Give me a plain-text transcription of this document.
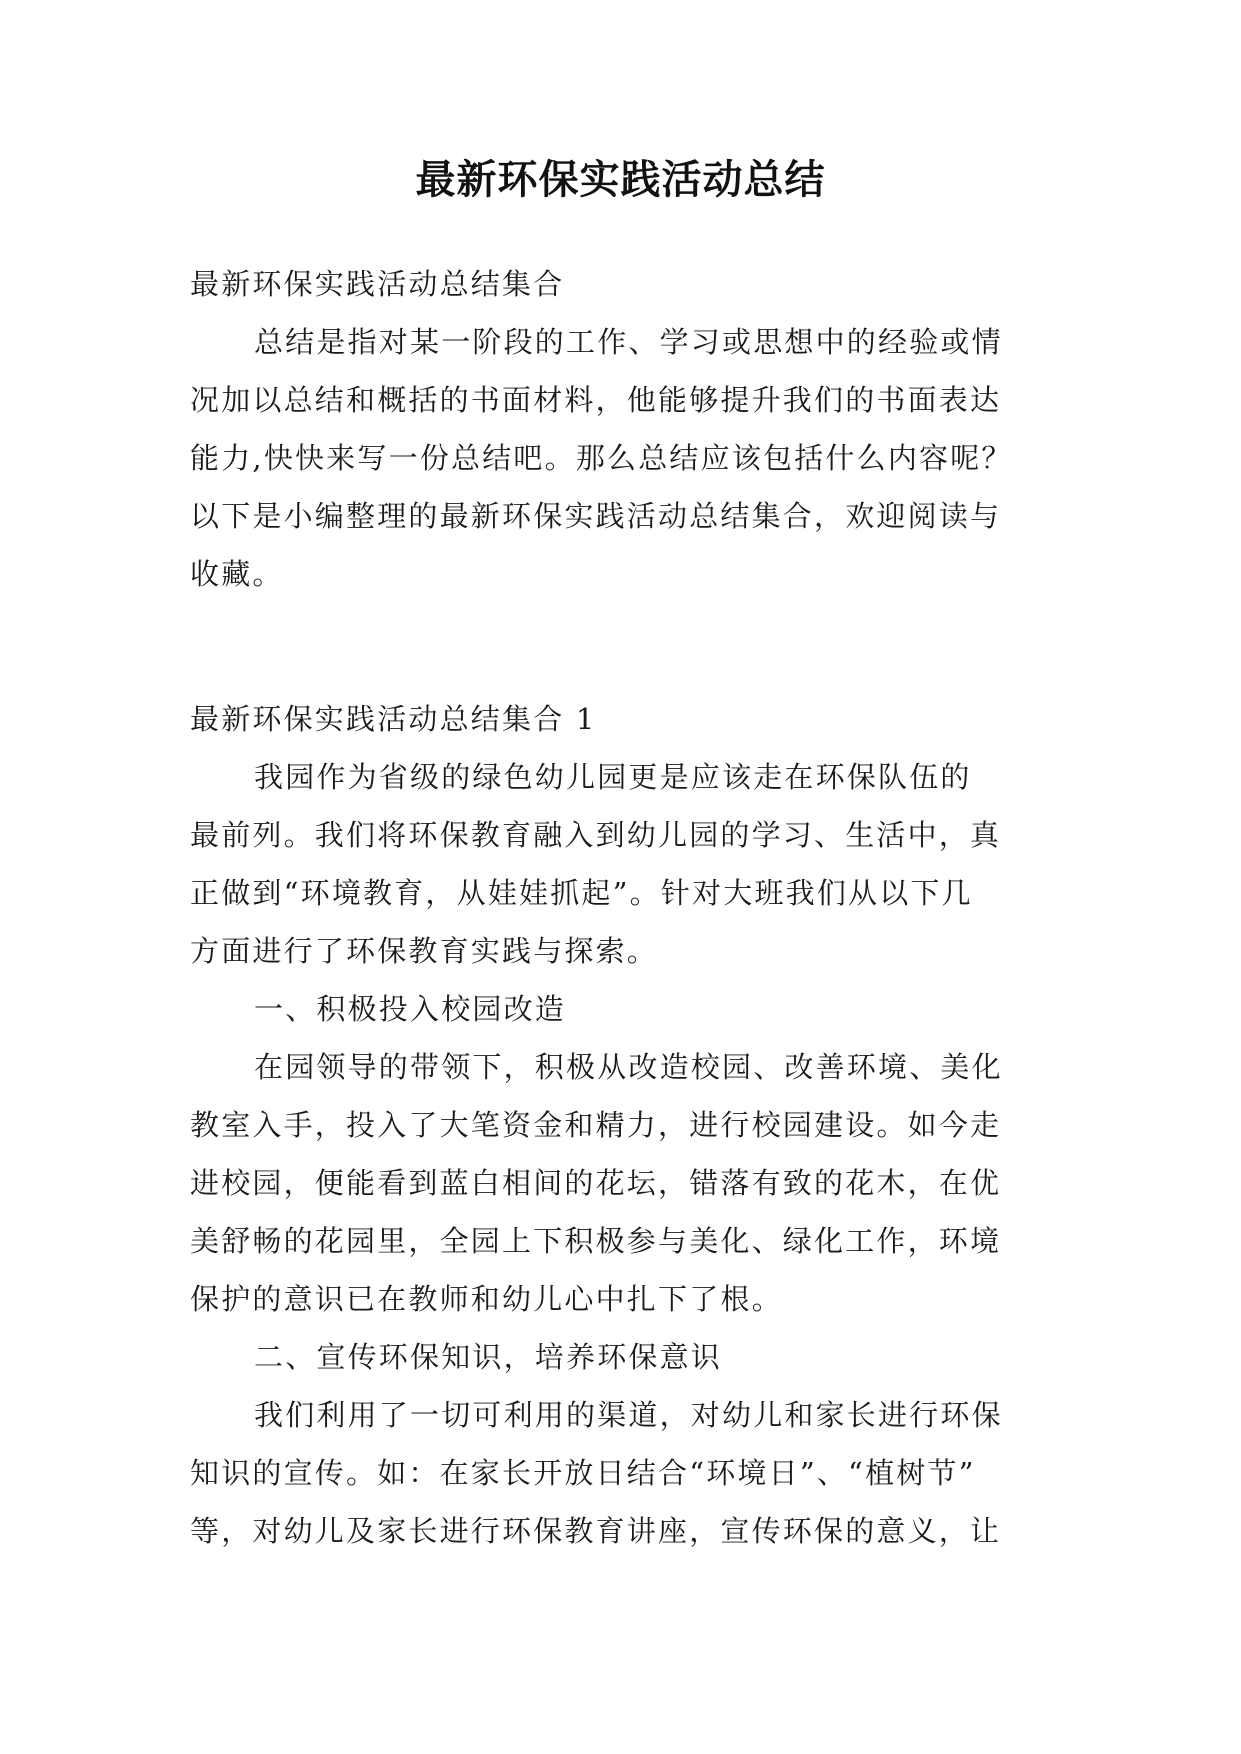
最新环保实践活动总结
最新环保实践活动总结集合
总结是指对某一阶段的工作、学习或思想中的经验或情
况加以总结和概括的书面材料，他能够提升我们的书面表达
能力,快快来写一份总结吧。那么总结应该包括什么内容呢？
以下是小编整理的最新环保实践活动总结集合，欢迎阅读与
收藏。
最新环保实践活动总结集合 1
我园作为省级的绿色幼儿园更是应该走在环保队伍的
最前列。我们将环保教育融入到幼儿园的学习、生活中，真
正做到“环境教育，从娃娃抓起”。针对大班我们从以下几
方面进行了环保教育实践与探索。
一、积极投入校园改造
在园领导的带领下，积极从改造校园、改善环境、美化
教室入手，投入了大笔资金和精力，进行校园建设。如今走
进校园，便能看到蓝白相间的花坛，错落有致的花木，在优
美舒畅的花园里，全园上下积极参与美化、绿化工作，环境
保护的意识已在教师和幼儿心中扎下了根。
二、宣传环保知识，培养环保意识
我们利用了一切可利用的渠道，对幼儿和家长进行环保
知识的宣传。如：在家长开放日结合“环境日”、“植树节”
等，对幼儿及家长进行环保教育讲座，宣传环保的意义，让
